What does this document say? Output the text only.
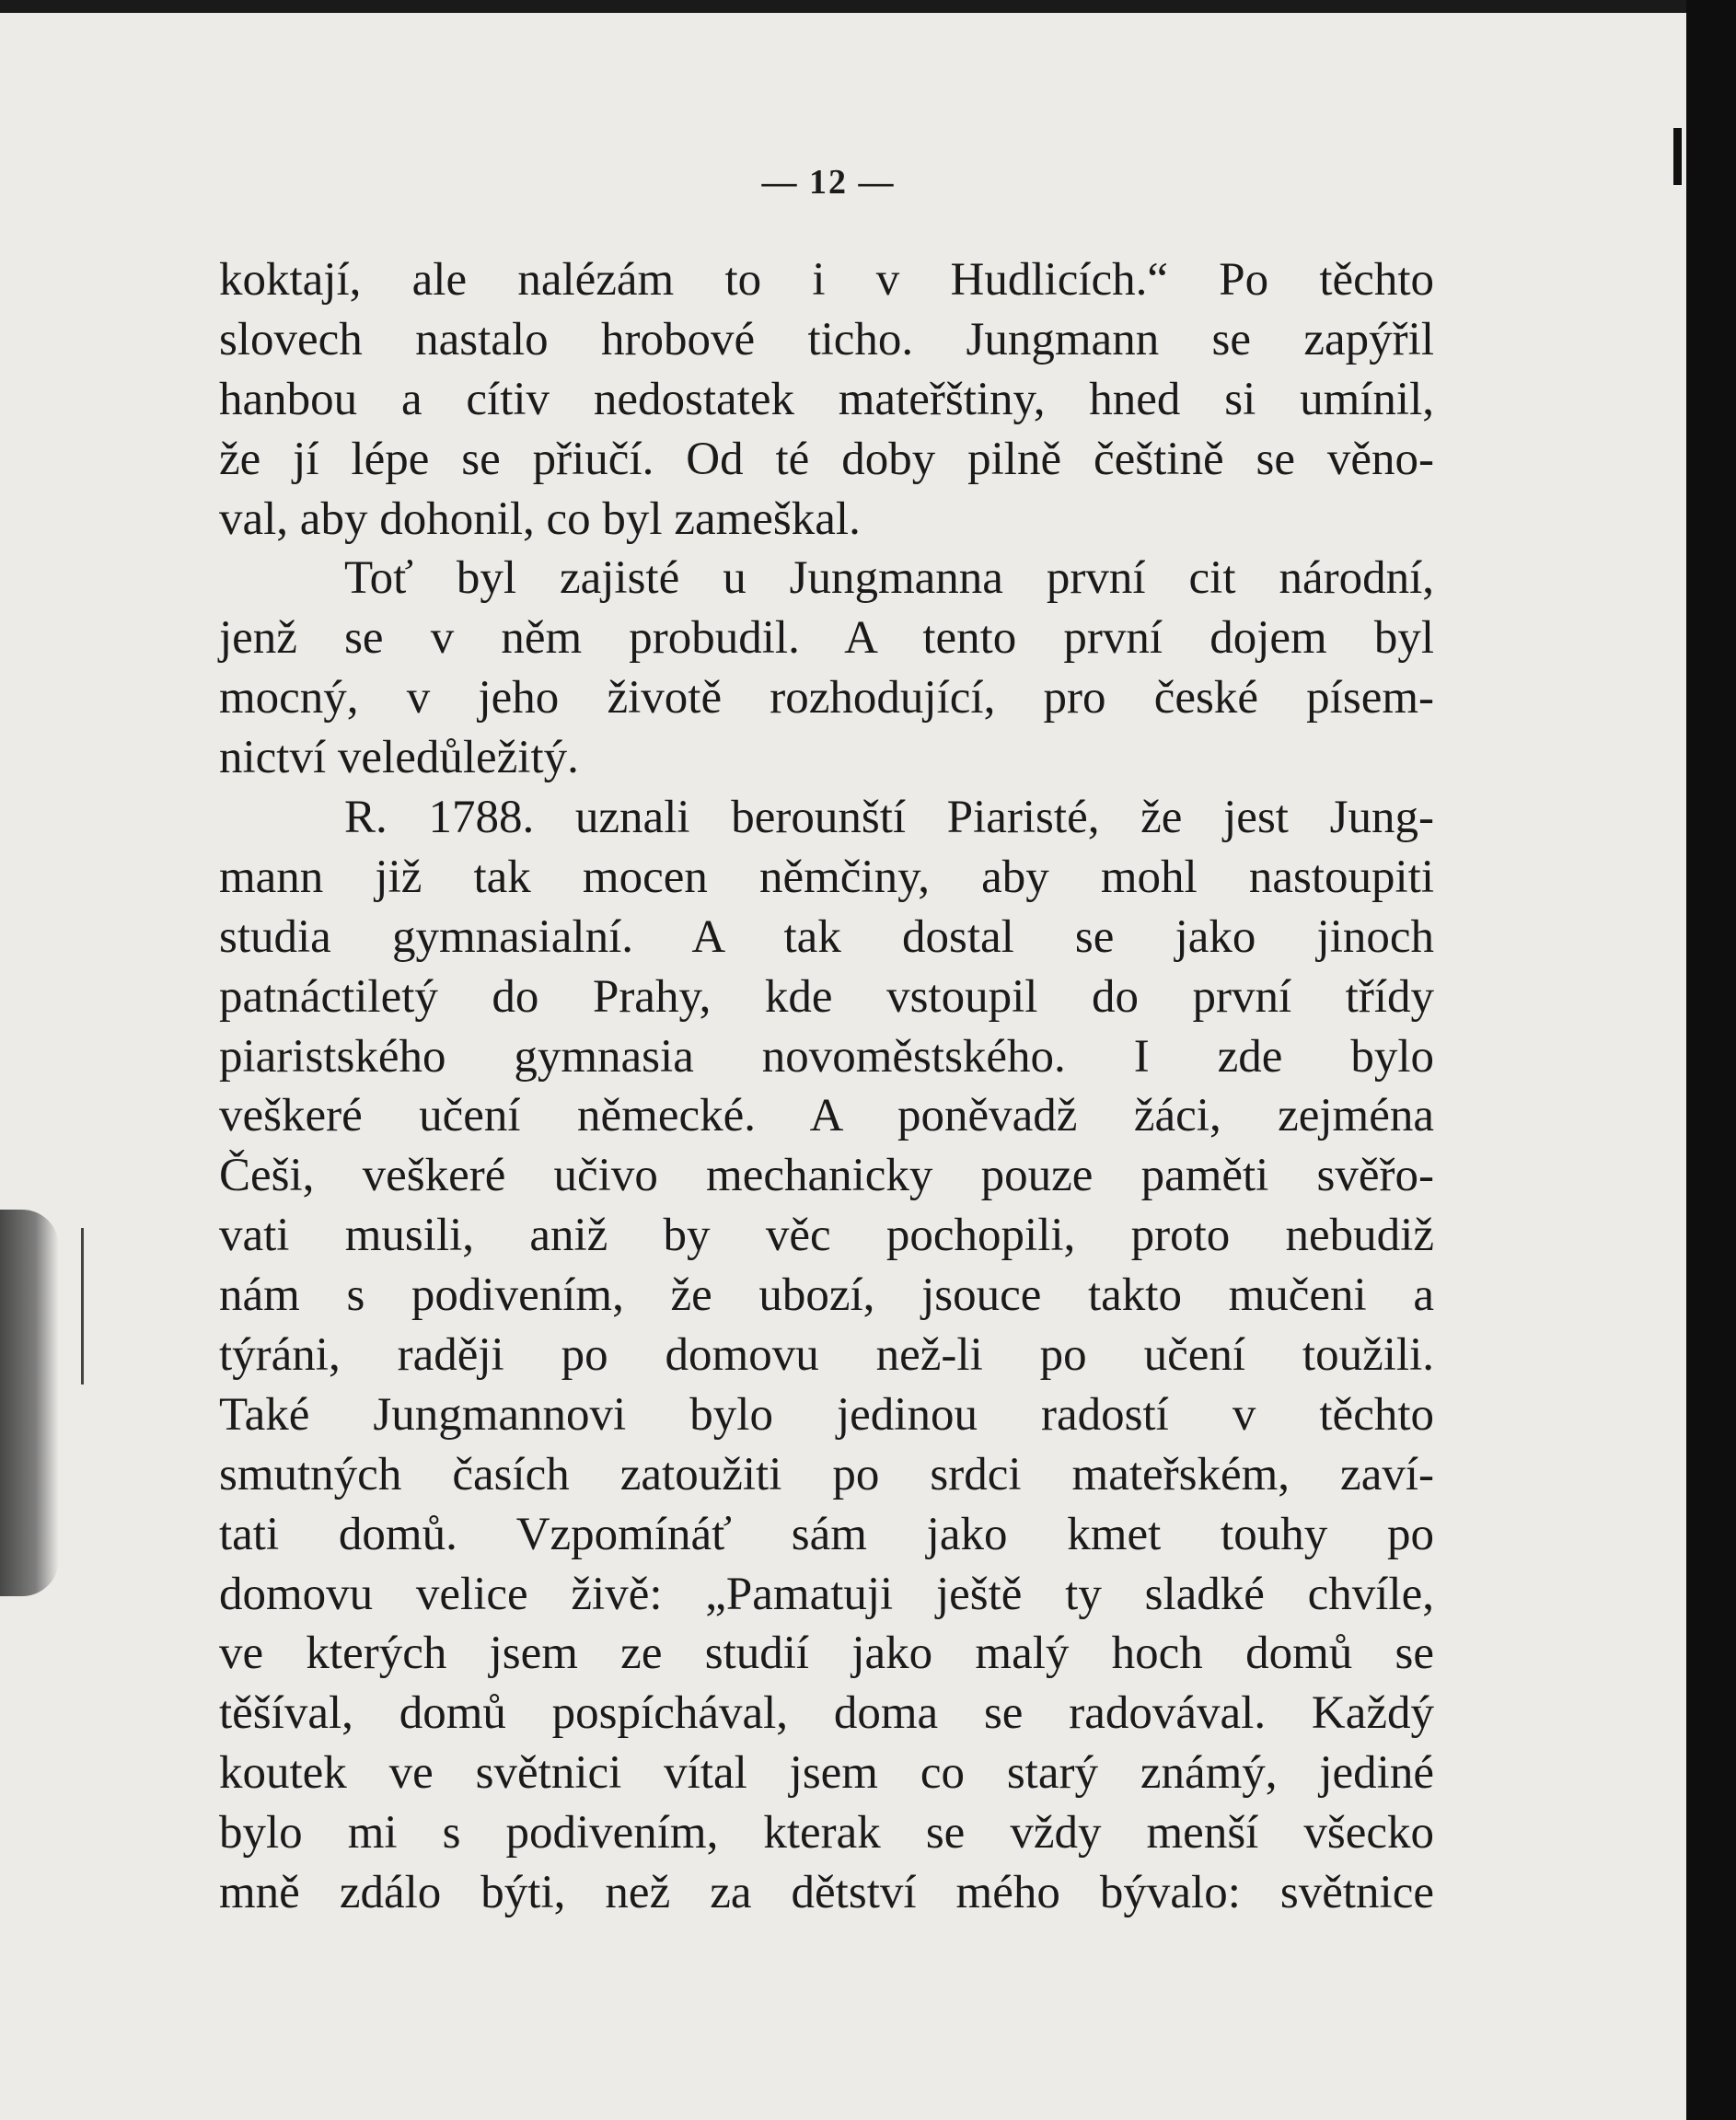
— 12 —
koktají, ale nalézám to i v Hudlicích.“ Po těchto
slovech nastalo hrobové ticho. Jungmann se zapýřil
hanbou a cítiv nedostatek mateřštiny, hned si umínil,
že jí lépe se přiučí. Od té doby pilně češtině se věno-
val, aby dohonil, co byl zameškal.
Toť byl zajisté u Jungmanna první cit národní,
jenž se v něm probudil. A tento první dojem byl
mocný, v jeho životě rozhodující, pro české písem-
nictví veledůležitý.
R. 1788. uznali berounští Piaristé, že jest Jung-
mann již tak mocen němčiny, aby mohl nastoupiti
studia gymnasialní. A tak dostal se jako jinoch
patnáctiletý do Prahy, kde vstoupil do první třídy
piaristského gymnasia novoměstského. I zde bylo
veškeré učení německé. A poněvadž žáci, zejména
Češi, veškeré učivo mechanicky pouze paměti svěřo-
vati musili, aniž by věc pochopili, proto nebudiž
nám s podivením, že ubozí, jsouce takto mučeni a
týráni, raději po domovu než-li po učení toužili.
Také Jungmannovi bylo jedinou radostí v těchto
smutných časích zatoužiti po srdci mateřském, zaví-
tati domů. Vzpomínáť sám jako kmet touhy po
domovu velice živě: „Pamatuji ještě ty sladké chvíle,
ve kterých jsem ze studií jako malý hoch domů se
těšíval, domů pospíchával, doma se radovával. Každý
koutek ve světnici vítal jsem co starý známý, jediné
bylo mi s podivením, kterak se vždy menší všecko
mně zdálo býti, než za dětství mého bývalo: světnice
